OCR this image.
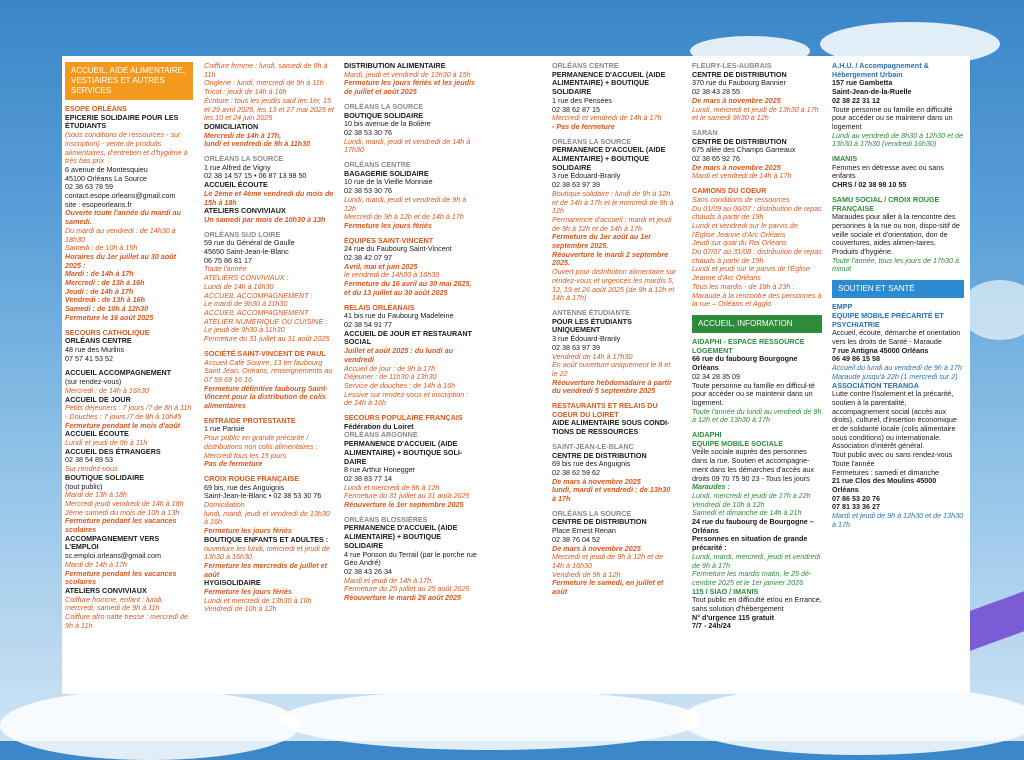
ACCUEIL, AIDE ALIMENTAIRE, VESTIAIRES ET AUTRES SERVICES

ESOPE ORLÉANS

EPICERIE SOLIDAIRE POUR LES ÉTUDIANTS

(sous conditions de ressources - sur inscription) - vente de produits alimentaires, d'entretien et d'hygiène à très bas prix

6 avenue de Montesquieu

45100 Orléans La Source

02 38 63 78 59

contact.esope.orleans@gmail.com

site : esopeorleans.fr

Ouverte toute l'année du mardi au samedi.

Du mardi au vendredi : de 14h30 à 18h30

Samedi : de 10h à 15h

Horaires du 1er juillet au 30 août 2025 :

Mardi : de 14h à 17h

Mercredi : de 13h à 16h

Jeudi : de 14h à 17h

Vendredi : de 13h à 16h

Samedi : de 10h à 12h30

Fermeture le 16 août 2025

SECOURS CATHOLIQUE

ORLÉANS CENTRE

48 rue des Murlins

07 57 41 53 52

ACCUEIL ACCOMPAGNEMENT

(sur rendez-vous)

Mercredi : de 14h à 16h30

ACCUEIL DE JOUR

Petits déjeuners : 7 jours /7 de 8h à 11h - Douches : 7 jours /7 de 8h à 10h45

Fermeture pendant le mois d'août

ACCUEIL ÉCOUTE

Lundi et jeudi de 9h à 11h

ACCUEIL DES ÉTRANGERS

02 38 54 89 53

Sur rendez-vous

BOUTIQUE SOLIDAIRE

(tout public)

Mardi de 13h à 18h

Mercredi jeudi vendredi de 14h à 18h

2ème samedi du mois de 10h à 13h

Fermeture pendant les vacances scolaires

ACCOMPAGNEMENT VERS L'EMPLOI

sc.emploi.orleans@gmail.com

Mardi de 14h à 17h

Fermeture pendant les vacances scolaires

ATELIERS CONVIVIAUX

Coiffure homme, enfant : lundi, mercredi, samedi de 9h à 11h

Coiffure afro natte tresse : mercredi de 9h à 11h

Coiffure femme : lundi, samedi de 9h à 11h

Onglerie : lundi, mercredi de 9h à 11h

Tricot : jeudi de 14h à 16h

Écriture : tous les jeudis sauf les 1er, 15 et 29 avril 2025, les 13 et 27 mai 2025 et les 10 et 24 juin 2025

DOMICILIATION

Mercredi de 14h à 17h,

lundi et vendredi de 9h à 11h30

ORLÉANS LA SOURCE

1 rue Alfred de Vigny

02 38 14 57 15 • 06 87 13 98 50

ACCUEIL ÉCOUTE

Le 2ème et 4ème vendredi du mois de 15h à 18h

ATELIERS CONVIVIAUX

Un samedi par mois de 10h30 à 13h

ORLÉANS SUD LOIRE

59 rue du Général de Gaulle

45650 Saint-Jean-le-Blanc

06 75 86 81 17

Toute l'année

ATELIERS CONVIVIAUX :

Lundi de 14h à 16h30

ACCUEIL ACCOMPAGNEMENT :

Le mardi de 9h30 à 11h30

ACCUEIL ACCOMPAGNEMENT ATELIER NUMERIQUE OU CUISINE :

Le jeudi de 9h30 à 11h30

Fermeture du 31 juillet au 31 août 2025

SOCIÉTÉ SAINT-VINCENT DE PAUL

Accueil Café Sourire, 13 ter faubourg Saint Jean, Orléans, renseignements au 07 59 69 16 16

Fermeture définitive faubourg Saint-Vincent pour la distribution de colis alimentaires

ENTRAIDE PROTESTANTE

1 rue Parisie

Pour public en grande précarité / distributions non colis alimentaires : Mercredi tous les 15 jours

Pas de fermeture

CROIX ROUGE FRANÇAISE

69 bis, rue des Anguignis

Saint-Jean-le-Blanc • 02 38 53 30 76

Domiciliation

lundi, mardi, jeudi et vendredi de 13h30 à 16h

Fermeture les jours fériés

BOUTIQUE ENFANTS ET ADULTES :

ouverture les lundi, mercredi et jeudi de 13h30 à 16h30

Fermeture les mercredis de juillet et août

HYGISOLIDAIRE

Fermeture les jours fériés

Lundi et mercredi de 13h30 à 16h

Vendredi de 10h à 12h

DISTRIBUTION ALIMENTAIRE

Mardi, jeudi et vendredi de 13h30 à 15h

Fermeture les jours fériés et les jeudis de juillet et août 2025

ORLÉANS LA SOURCE

BOUTIQUE SOLIDAIRE

10 bis avenue de la Bolière

02 38 53 30 76

Lundi, mardi, jeudi et vendredi de 14h à 17h30

ORLÉANS CENTRE

BAGAGERIE SOLIDAIRE

10 rue de la Vieille Monnaie

02 38 53 30 76

Lundi, mardi, jeudi et vendredi de 9h à 12h

Mercredi de 9h à 12h et de 14h à 17h

Fermeture les jours fériés

ÉQUIPES SAINT-VINCENT

24 rue du Faubourg Saint-Vincent

02 38 42 07 97

Avril, mai et juin 2025

le vendredi de 14h30 à 16h30

Fermeture du 16 avril au 30 mai 2025, et du 13 juillet au 30 août 2025

RELAIS ORLÉANAIS

41 bis rue du Faubourg Madeleine

02 38 54 91 77

ACCUEIL DE JOUR ET RESTAURANT SOCIAL

Juillet et août 2025 : du lundi au vendredi

Accueil de jour : de 9h à 17h

Déjeuner : de 11h30 à 13h30

Service de douches : de 14h à 16h

Lessive sur rendez-vous et inscription : de 14h à 16h

SECOURS POPULAIRE FRANÇAIS

Fédération du Loiret

ORLÉANS ARGONNE

PERMANENCE D'ACCUEIL (AIDE ALIMENTAIRE) + BOUTIQUE SOLI-DAIRE

8 rue Arthur Honegger

02 38 83 77 14

Lundi et mercredi de 9h à 12h

Fermeture du 31 juillet au 31 août 2025

Réouverture le 1er septembre 2025

ORLÉANS BLOSSIÈRES

PERMANENCE D'ACCUEIL (AIDE ALIMENTAIRE) + BOUTIQUE SOLIDAIRE

4 rue Ponson du Terrail (par le porche rue Géo André)

02 38 43 26 34

Mardi et jeudi de 14h à 17h.

Fermeture du 25 juillet au 25 août 2025

Réouverture le mardi 26 août 2025

ORLÉANS CENTRE

PERMANENCE D'ACCUEIL (AIDE ALIMENTAIRE) + BOUTIQUE SOLIDAIRE

1 rue des Pensées

02 38 62 87 15

Mercredi et vendredi de 14h à 17h

- Pas de fermeture

ORLÉANS LA SOURCE

PERMANENCE D'ACCUEIL (AIDE ALIMENTAIRE) + BOUTIQUE SOLIDAIRE

3 rue Édouard-Branly

02 38 63 97 39

Boutique solidaire : lundi de 9h à 12h et de 14h à 17h et le mercredi de 9h à 12h

Permanence d'accueil : mardi et jeudi de 9h à 12h et de 14h à 17h

Fermeture du 1er août au 1er septembre 2025.

Réouverture le mardi 2 septembre 2025.

Ouvert pour distribution alimentaire sur rendez-vous et urgences les mardis 5, 12, 19 et 26 août 2025 (de 9h à 12h et 14h à 17h)

ANTENNE ÉTUDIANTE

POUR LES ÉTUDIANTS UNIQUEMENT

3 rue Édouard-Branly

02 38 63 97 39

Vendredi de 14h à 17h30

En août ouverture uniquement le 8 et le 22

Réouverture hebdomadaire à partir du vendredi 5 septembre 2025

RESTAURANTS ET RELAIS DU COEUR DU LOIRET

AIDE ALIMENTAIRE SOUS CONDI-TIONS DE RESSOURCES

SAINT-JEAN-LE-BLANC

CENTRE DE DISTRIBUTION

69 bis rue des Anguignis

02 38 62 59 62

De mars à novembre 2025

lundi, mardi et vendredi : de 13h30 à 17h

ORLÉANS LA SOURCE

CENTRE DE DISTRIBUTION

Place Ernest Renan

02 38 76 04 52

De mars à novembre 2025

Mercredi et jeudi de 9h à 12h et de 14h à 16h30

Vendredi de 9h à 12h

Fermeture le samedi, en juillet et août

FLEURY-LES-AUBRAIS

CENTRE DE DISTRIBUTION

370 rue du Faubourg Bannier

02 38 43 28 55

De mars à novembre 2025

Lundi, mercredi et jeudi de 13h30 à 17h et le samedi 9h30 à 12h

SARAN

CENTRE DE DISTRIBUTION

675 allée des Champs Garreaux

02 38 65 92 76

De mars à novembre 2025

Mardi et vendredi de 14h à 17h

CAMIONS DU COEUR

Sans conditions de ressources

Du 01/09 au 06/07 : distribution de repas chauds à partir de 19h

Lundi et vendredi sur le parvis de l'Église Jeanne d'Arc Orléans

Jeudi sur quai du Roi Orléans

Du 07/07 au 31/08 : distribution de repas chauds à partir de 19h

Lundi et jeudi sur le parvis de l'Église Jeanne d'Arc Orléans

Tous les mardis - de 19h à 23h : Maraude à la rencontre des personnes à la rue – Orléans et Agglo

ACCUEIL, INFORMATION

AIDAPHI - ESPACE RESSOURCE LOGEMENT

66 rue du faubourg Bourgogne Orléans

02 34 28 35 09

Toute personne ou famille en difficul-té pour accéder ou se maintenir dans un logement.

Toute l'année du lundi au vendredi de 9h à 12h et de 13h30 à 17h

AIDAPHI

EQUIPE MOBILE SOCIALE

Veille sociale auprès des personnes dans la rue. Soutien et accompagne-ment dans les démarches d'accès aux droits 09 70 75 90 23 - Tous les jours

Maraudes :

Lundi, mercredi et jeudi de 17h à 22h

Vendredi de 10h à 12h

Samedi et dimanche de 14h à 21h

24 rue du faubourg de Bourgogne – Orléans

Personnes en situation de grande précarité :

Lundi, mardi, mercredi, jeudi et vendredi de 9h à 17h

Fermeture les mardis matin, le 25 dé-cembre 2025 et le 1er janvier 2026

115 / SIAO / IMANIS

Tout public en difficulté et/ou en Errance, sans solution d'hébergement

N° d'urgence 115 gratuit

7/7 - 24h/24

A.H.U. / Accompagnement & Hébergement Urbain

157 rue Gambetta

Saint-Jean-de-la-Ruelle

02 38 22 31 12

Toute personne ou famille en difficulté pour accéder ou se maintenir dans un logement

Lundi au vendredi de 8h30 à 12h30 et de 13h30 à 17h30 (vendredi 16h30)

IMANIS

Femmes en détresse avec ou sans enfants

CHRS / 02 38 98 10 55

SAMU SOCIAL / CROIX ROUGE FRANÇAISE

Maraudes pour aller à la rencontre des personnes à la rue ou non, dispo-sitif de veille sociale et d'orientation, don de couvertures, aides alimen-taires, Produits d'hygiène.

Toute l'année, tous les jours de 17h30 à minuit

SOUTIEN ET SANTÉ

EMPP

EQUIPE MOBILE PRÉCARITÉ ET PSYCHIATRIE

Accueil, écoute, démarche et orientation vers les droits de Santé - Maraude

7 rue Antigna 45000 Orléans

06 49 86 15 58

Accueil du lundi au vendredi de 9h à 17h

Maraude jusqu'à 22h (1 mercredi sur 2)

ASSOCIATION TERANGA

Lutte contre l'isolement et la précarité, soutien à la parentalité, accompagnement social (accès aux droits), culturel, d'insertion économique et de solidarité locale (colis alimentaire sous conditions) ou internationale. Association d'intérêt général.

Tout public avec ou sans rendez-vous

Toute l'année

Fermetures : samedi et dimanche

21 rue Clos des Moulins 45000 Orléans

07 86 53 20 76

07 81 33 36 27

Mardi et jeudi de 9h à 12h30 et de 13h30 à 17h
